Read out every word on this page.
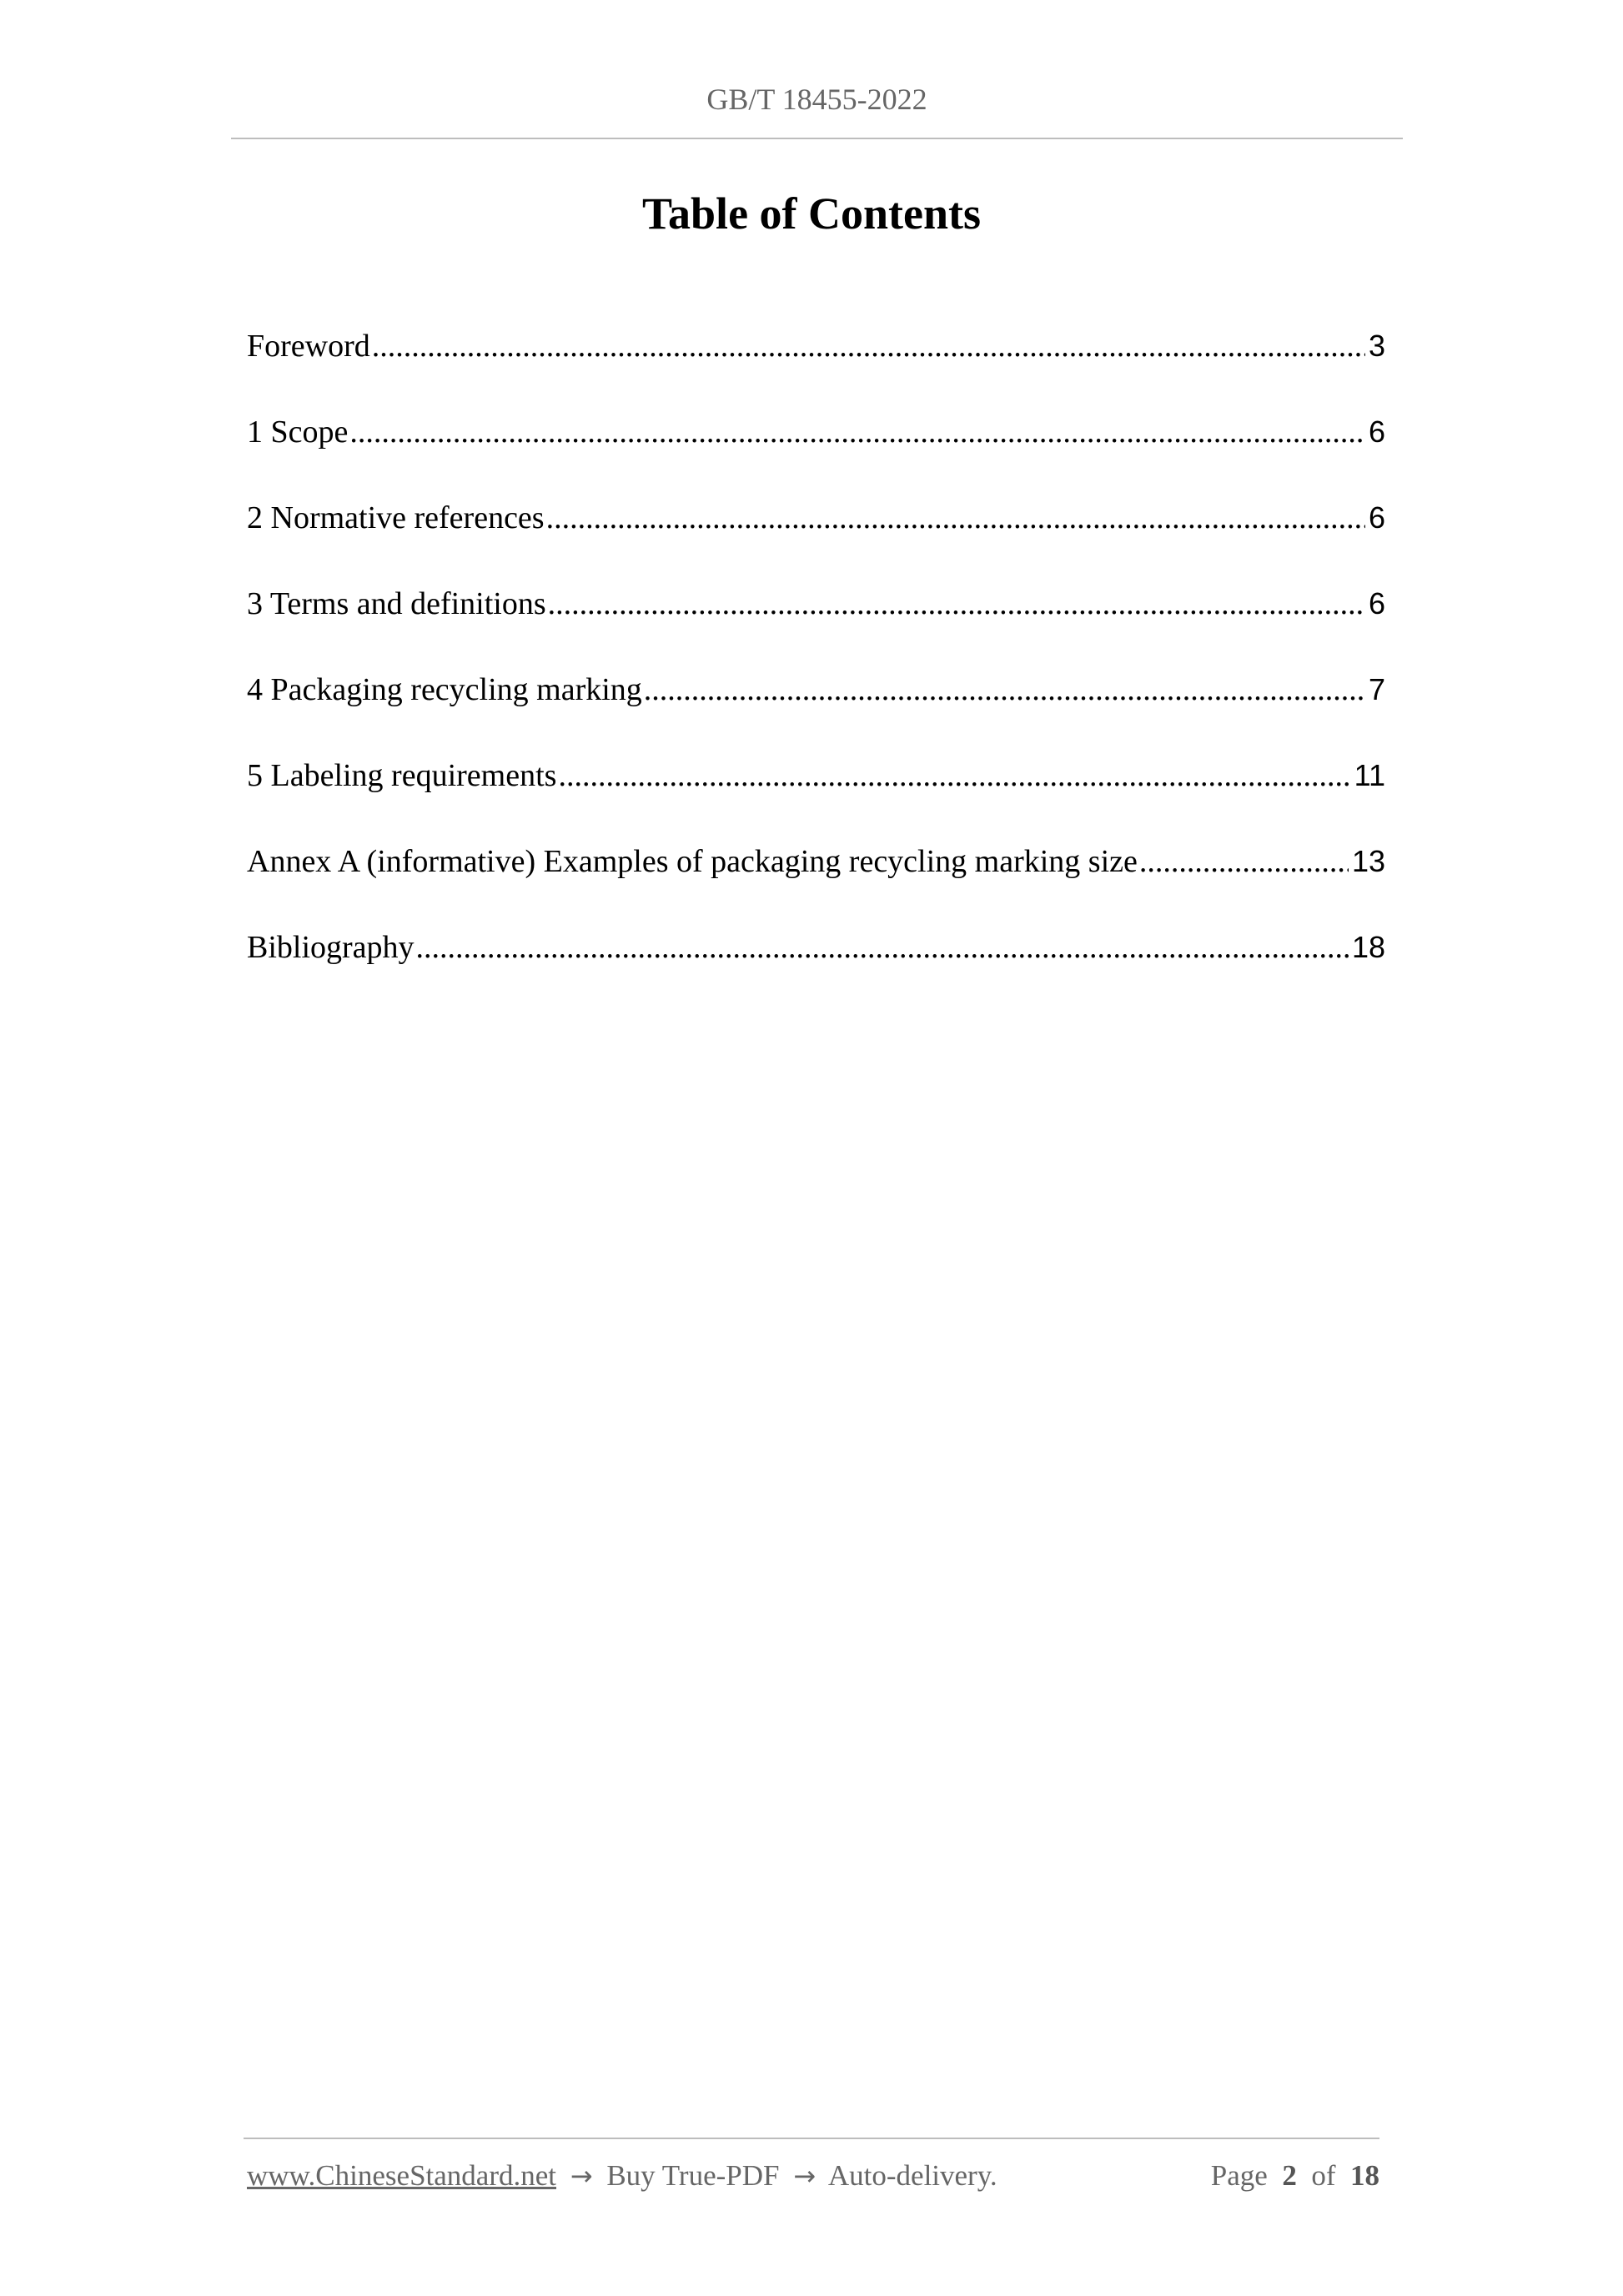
GB/T 18455-2022
Table of Contents
Foreword .....	3
1 Scope .....	6
2 Normative references .....	6
3 Terms and definitions .....	6
4 Packaging recycling marking .....	7
5 Labeling requirements .....	11
Annex A (informative) Examples of packaging recycling marking size .....	13
Bibliography .....	18
www.ChineseStandard.net → Buy True-PDF → Auto-delivery.	Page 2 of 18
